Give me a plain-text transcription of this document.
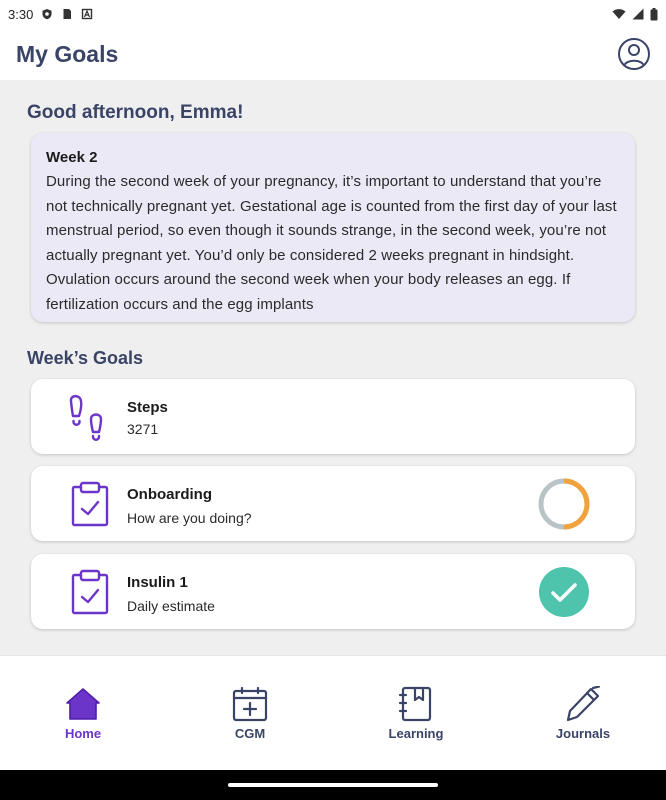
3:30
My Goals
Good afternoon, Emma!
Week 2

During the second week of your pregnancy, it’s important to understand that you’re not technically pregnant yet. Gestational age is counted from the first day of your last menstrual period, so even though it sounds strange, in the second week, you’re not actually pregnant yet. You’d only be considered 2 weeks pregnant in hindsight. Ovulation occurs around the second week when your body releases an egg. If fertilization occurs and the egg implants

Week’s Goals
Steps
3271
Onboarding
How are you doing?
Insulin 1
Daily estimate
Home	CGM	Learning	Journals
